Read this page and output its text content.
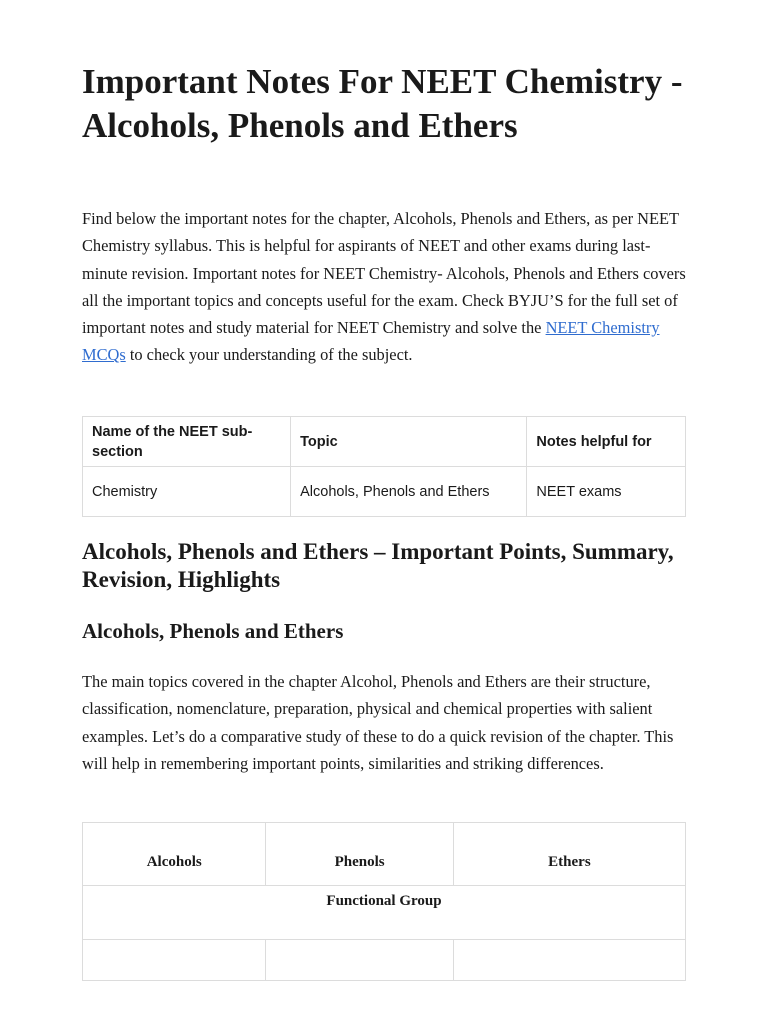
Important Notes For NEET Chemistry - Alcohols, Phenols and Ethers

Find below the important notes for the chapter, Alcohols, Phenols and Ethers, as per NEET Chemistry syllabus. This is helpful for aspirants of NEET and other exams during last-minute revision. Important notes for NEET Chemistry- Alcohols, Phenols and Ethers covers all the important topics and concepts useful for the exam. Check BYJU’S for the full set of important notes and study material for NEET Chemistry and solve the NEET Chemistry MCQs to check your understanding of the subject.

Name of the NEET sub-section	Topic	Notes helpful for
Chemistry	Alcohols, Phenols and Ethers	NEET exams
Alcohols, Phenols and Ethers – Important Points, Summary, Revision, Highlights
Alcohols, Phenols and Ethers

The main topics covered in the chapter Alcohol, Phenols and Ethers are their structure, classification, nomenclature, preparation, physical and chemical properties with salient examples. Let’s do a comparative study of these to do a quick revision of the chapter. This will help in remembering important points, similarities and striking differences.

Alcohols	Phenols	Ethers
Functional Group		
